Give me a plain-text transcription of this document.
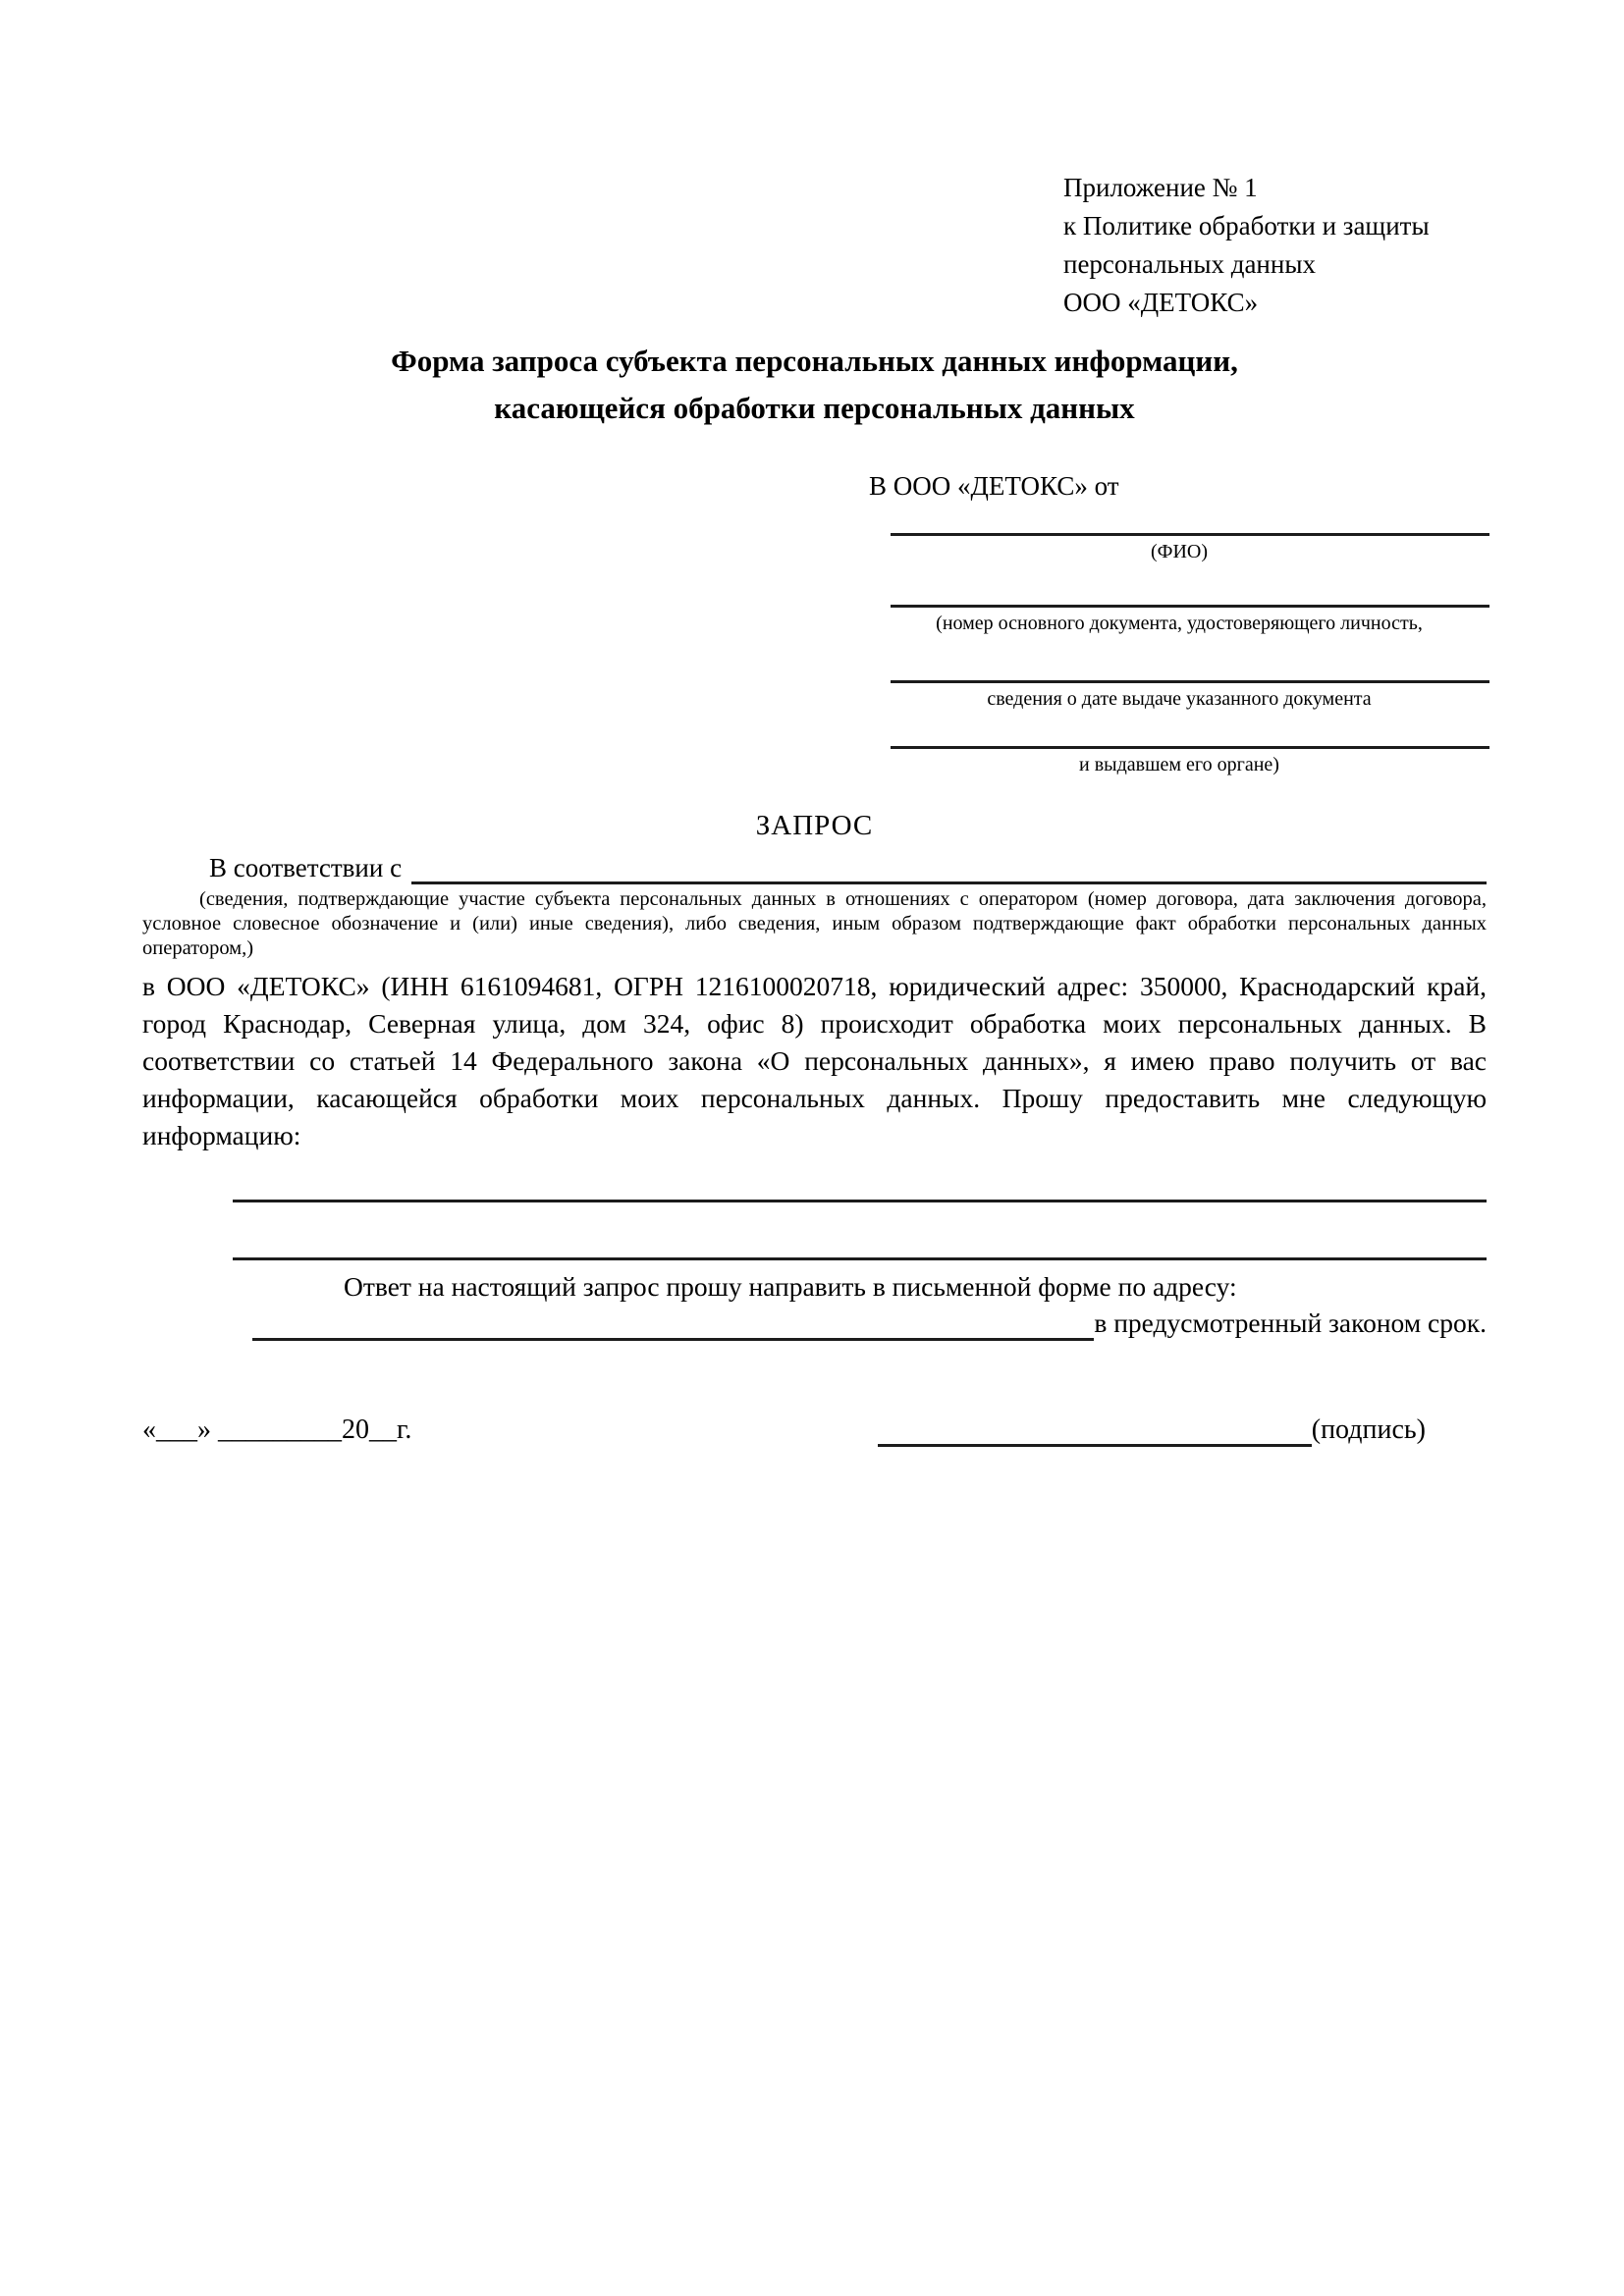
Приложение № 1
к Политике обработки и защиты
персональных данных
ООО «ДЕТОКС»
Форма запроса субъекта персональных данных информации,
касающейся обработки персональных данных
В ООО «ДЕТОКС» от
(ФИО)
(номер основного документа, удостоверяющего личность,
сведения о дате выдаче указанного документа
и выдавшем его органе)
ЗАПРОС
В соответствии с
(сведения, подтверждающие участие субъекта персональных данных в отношениях с оператором (номер договора, дата заключения договора, условное словесное обозначение и (или) иные сведения), либо сведения, иным образом подтверждающие факт обработки персональных данных оператором,)
в ООО «ДЕТОКС» (ИНН 6161094681, ОГРН 1216100020718, юридический адрес: 350000, Краснодарский край, город Краснодар, Северная улица, дом 324, офис 8) происходит обработка моих персональных данных. В соответствии со статьей 14 Федерального закона «О персональных данных», я имею право получить от вас информации, касающейся обработки моих персональных данных. Прошу предоставить мне следующую информацию:
Ответ на настоящий запрос прошу направить в письменной форме по адресу:
в предусмотренный законом срок.
«___» _________20__г.	(подпись)
